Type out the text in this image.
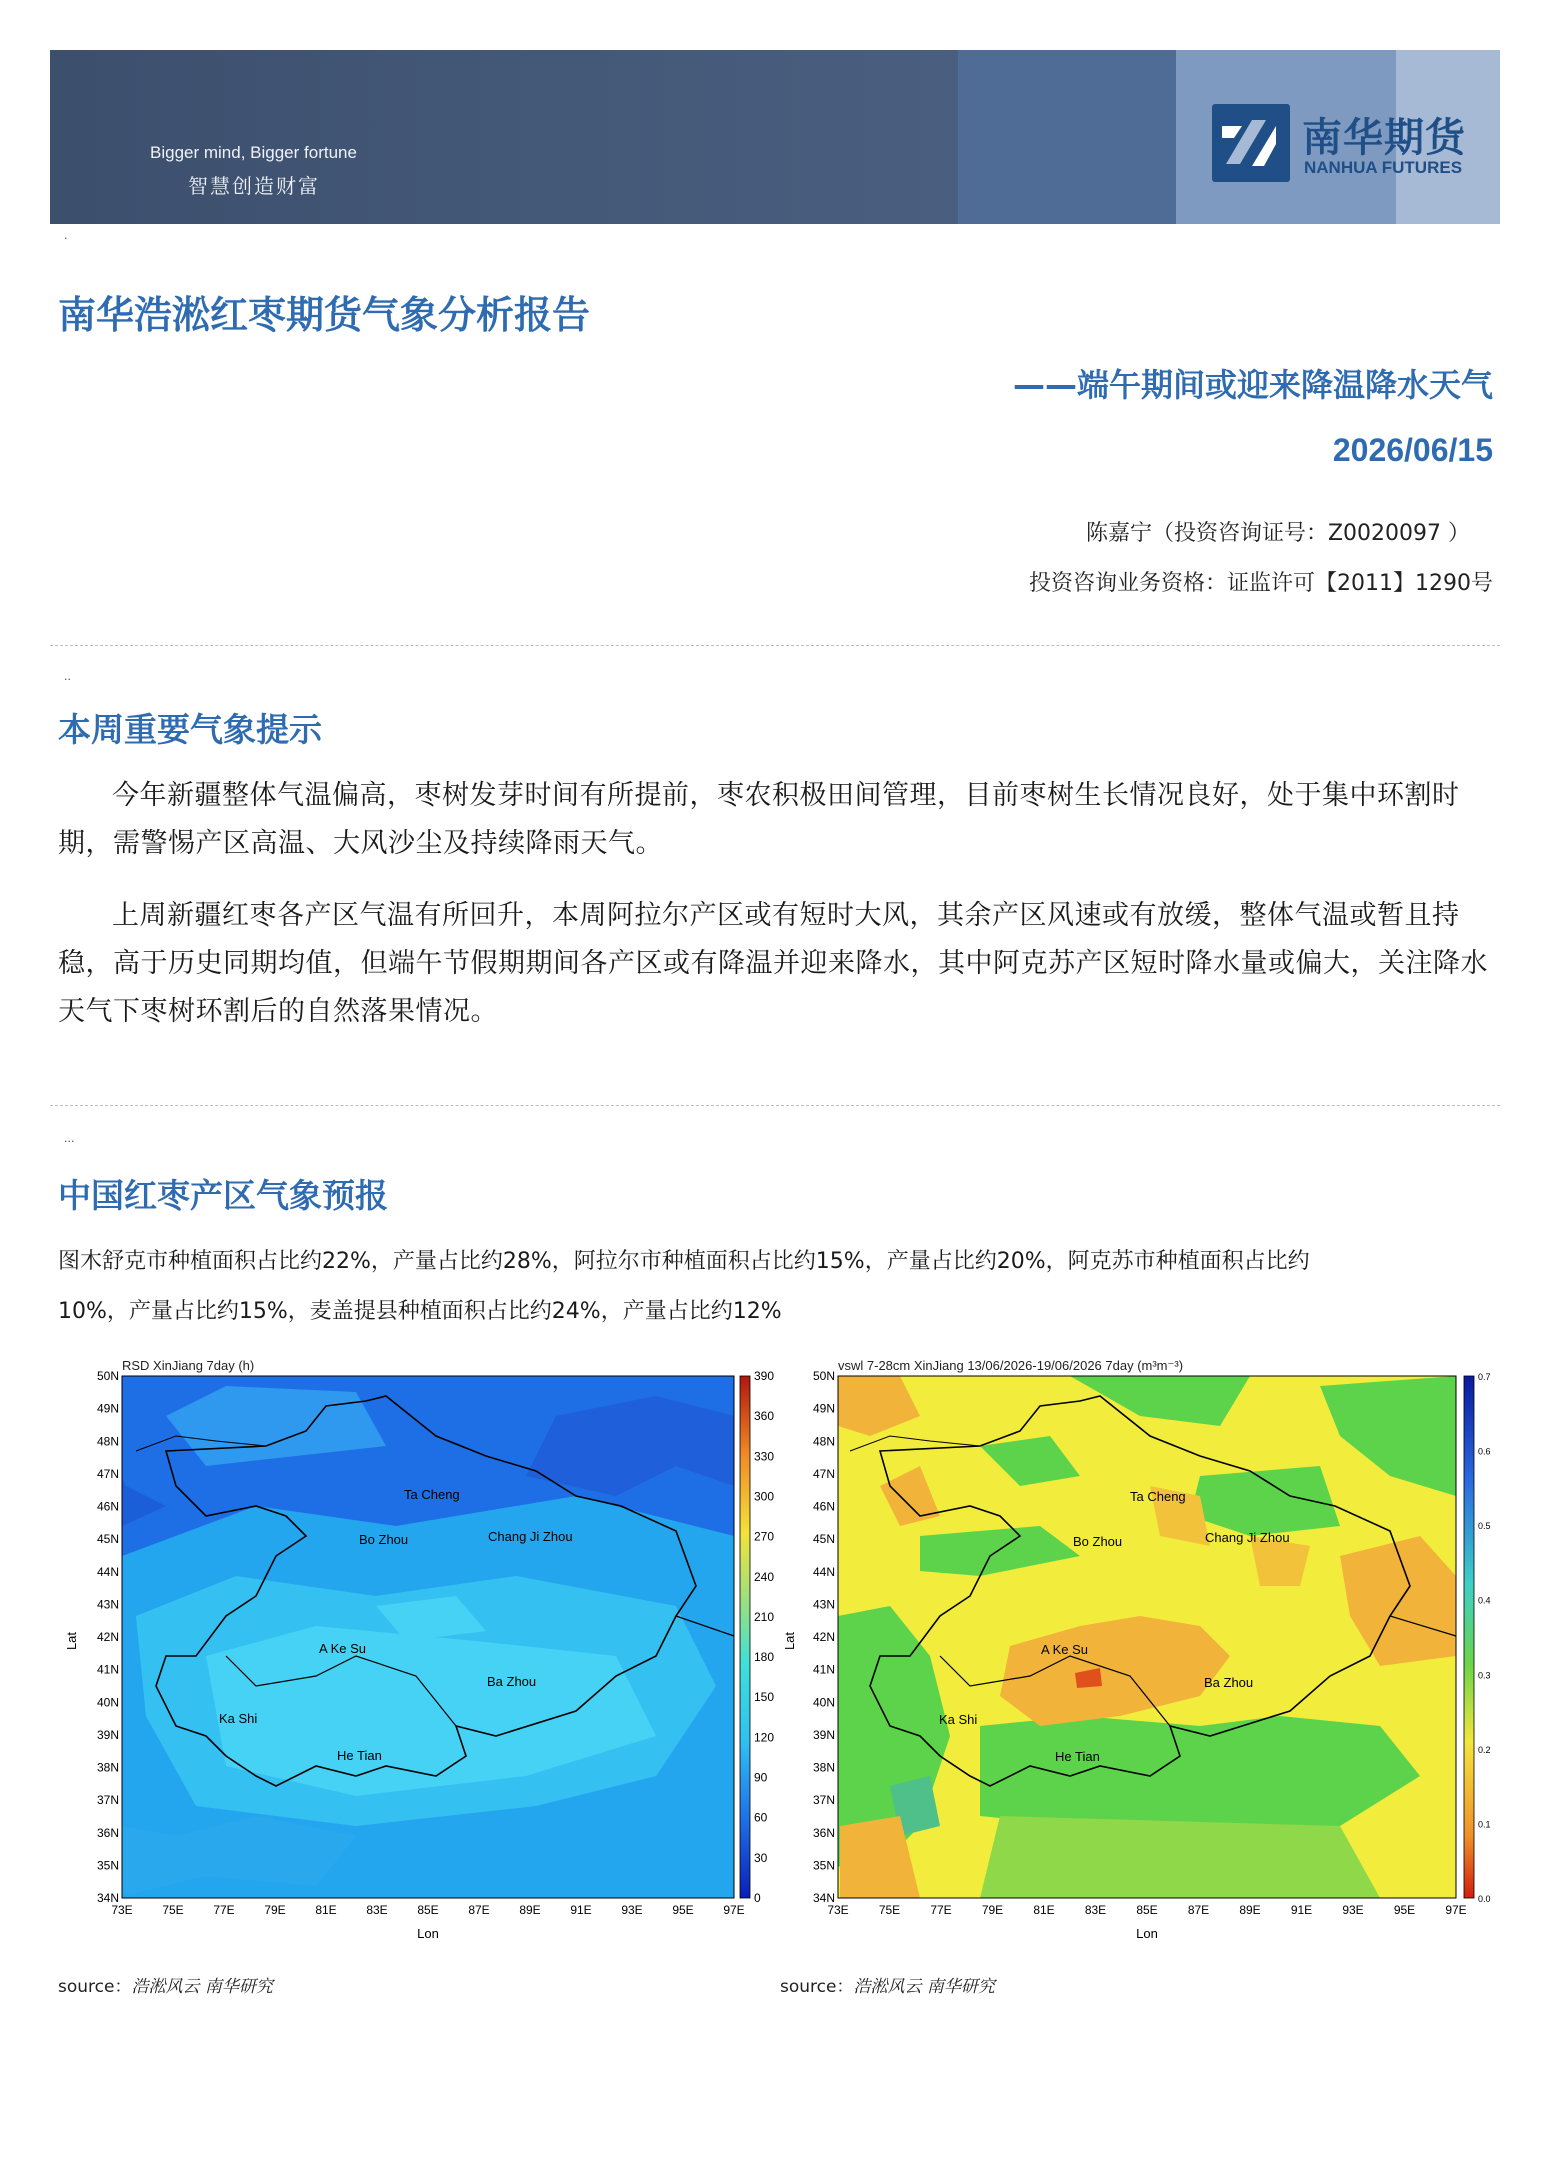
Bigger mind, Bigger fortune
智慧创造财富
南华期货
NANHUA FUTURES
·
南华浩淞红枣期货气象分析报告
——端午期间或迎来降温降水天气
2026/06/15
陈嘉宁（投资咨询证号：Z0020097 ）
投资咨询业务资格：证监许可【2011】1290号
..
本周重要气象提示
今年新疆整体气温偏高，枣树发芽时间有所提前，枣农积极田间管理，目前枣树生长情况良好，处于集中环割时期，需警惕产区高温、大风沙尘及持续降雨天气。
上周新疆红枣各产区气温有所回升，本周阿拉尔产区或有短时大风，其余产区风速或有放缓，整体气温或暂且持稳，高于历史同期均值，但端午节假期期间各产区或有降温并迎来降水，其中阿克苏产区短时降水量或偏大，关注降水天气下枣树环割后的自然落果情况。
...
中国红枣产区气象预报
图木舒克市种植面积占比约22%，产量占比约28%，阿拉尔市种植面积占比约15%，产量占比约20%，阿克苏市种植面积占比约
10%，产量占比约15%，麦盖提县种植面积占比约24%，产量占比约12%
RSD XinJiang 7day (h)
Ta Cheng
Bo Zhou	Chang Ji Zhou
A Ke Su
Ba Zhou
Ka Shi
He Tian
50N
49N
48N
47N
46N
45N
44N
43N
42N
41N
40N
39N
38N
37N
36N
35N
34N
73E 75E 77E 79E 81E 83E 85E 87E 89E 91E 93E 95E 97E
Lat
Lon
390
360
330
300
270
240
210
180
150
120
90
60
30
0
source：浩淞风云 南华研究
vswl 7-28cm XinJiang 13/06/2026-19/06/2026 7day (m³m⁻³)
Ta Cheng
Bo Zhou	Chang Ji Zhou
A Ke Su
Ba Zhou
Ka Shi
He Tian
50N
49N
48N
47N
46N
45N
44N
43N
42N
41N
40N
39N
38N
37N
36N
35N
34N
73E	75E	77E	79E	81E	83E	85E	87E	89E	91E	93E	95E	97E
Lat
Lon
0.7
0.6
0.5
0.4
0.3
0.2
0.1
0.0
source：浩淞风云 南华研究
